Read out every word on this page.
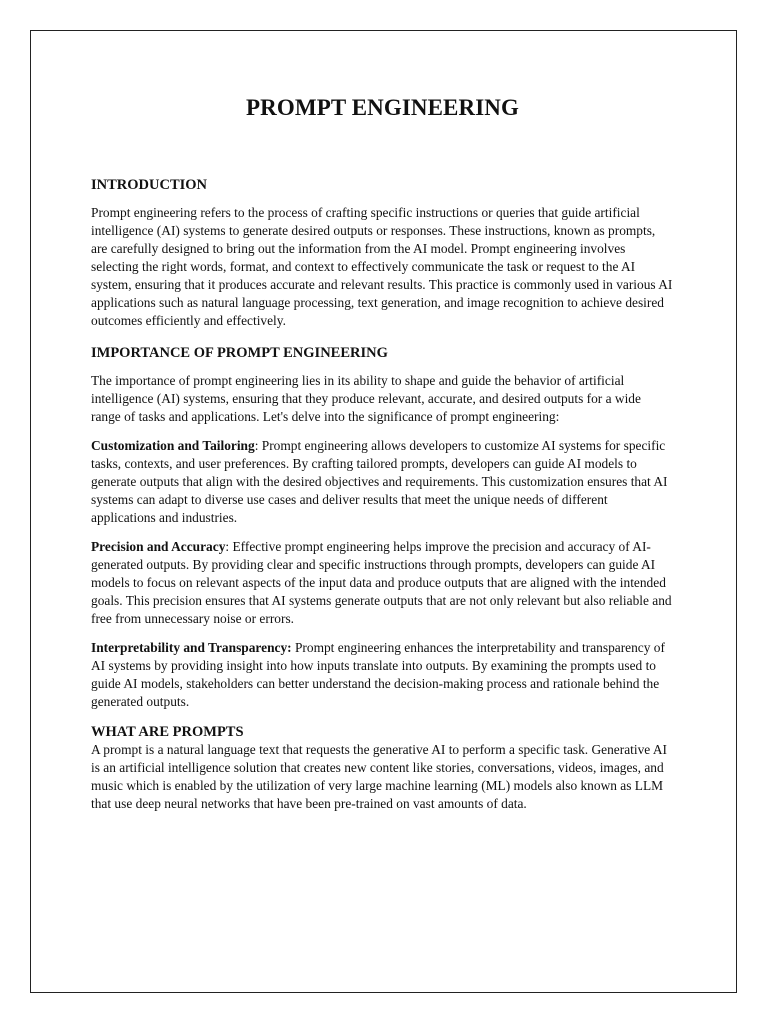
PROMPT ENGINEERING
INTRODUCTION

Prompt engineering refers to the process of crafting specific instructions or queries that guide artificial intelligence (AI) systems to generate desired outputs or responses. These instructions, known as prompts, are carefully designed to bring out the information from the AI model. Prompt engineering involves selecting the right words, format, and context to effectively communicate the task or request to the AI system, ensuring that it produces accurate and relevant results. This practice is commonly used in various AI applications such as natural language processing, text generation, and image recognition to achieve desired outcomes efficiently and effectively.

IMPORTANCE OF PROMPT ENGINEERING

The importance of prompt engineering lies in its ability to shape and guide the behavior of artificial intelligence (AI) systems, ensuring that they produce relevant, accurate, and desired outputs for a wide range of tasks and applications. Let's delve into the significance of prompt engineering:

Customization and Tailoring: Prompt engineering allows developers to customize AI systems for specific tasks, contexts, and user preferences. By crafting tailored prompts, developers can guide AI models to generate outputs that align with the desired objectives and requirements. This customization ensures that AI systems can adapt to diverse use cases and deliver results that meet the unique needs of different applications and industries.

Precision and Accuracy: Effective prompt engineering helps improve the precision and accuracy of AI-generated outputs. By providing clear and specific instructions through prompts, developers can guide AI models to focus on relevant aspects of the input data and produce outputs that are aligned with the intended goals. This precision ensures that AI systems generate outputs that are not only relevant but also reliable and free from unnecessary noise or errors.

Interpretability and Transparency: Prompt engineering enhances the interpretability and transparency of AI systems by providing insight into how inputs translate into outputs. By examining the prompts used to guide AI models, stakeholders can better understand the decision-making process and rationale behind the generated outputs.

WHAT ARE PROMPTS

A prompt is a natural language text that requests the generative AI to perform a specific task. Generative AI is an artificial intelligence solution that creates new content like stories, conversations, videos, images, and music which is enabled by the utilization of very large machine learning (ML) models also known as LLM that use deep neural networks that have been pre-trained on vast amounts of data.
